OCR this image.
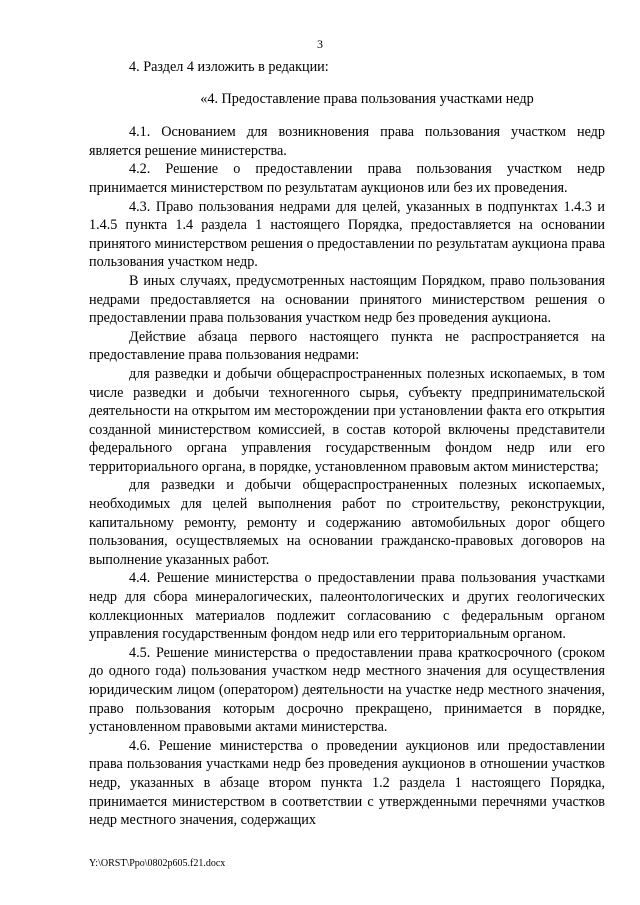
3

4. Раздел 4 изложить в редакции:

«4. Предоставление права пользования участками недр

4.1. Основанием для возникновения права пользования участком недр является решение министерства.

4.2. Решение о предоставлении права пользования участком недр принимается министерством по результатам аукционов или без их проведения.

4.3. Право пользования недрами для целей, указанных в подпунктах 1.4.3 и 1.4.5 пункта 1.4 раздела 1 настоящего Порядка, предоставляется на основании принятого министерством решения о предоставлении по результатам аукциона права пользования участком недр.

В иных случаях, предусмотренных настоящим Порядком, право пользования недрами предоставляется на основании принятого министерством решения о предоставлении права пользования участком недр без проведения аукциона.

Действие абзаца первого настоящего пункта не распространяется на предоставление права пользования недрами:

для разведки и добычи общераспространенных полезных ископаемых, в том числе разведки и добычи техногенного сырья, субъекту предпринимательской деятельности на открытом им месторождении при установлении факта его открытия созданной министерством комиссией, в состав которой включены представители федерального органа управления государственным фондом недр или его территориального органа, в порядке, установленном правовым актом министерства;

для разведки и добычи общераспространенных полезных ископаемых, необходимых для целей выполнения работ по строительству, реконструкции, капитальному ремонту, ремонту и содержанию автомобильных дорог общего пользования, осуществляемых на основании гражданско-правовых договоров на выполнение указанных работ.

4.4. Решение министерства о предоставлении права пользования участками недр для сбора минералогических, палеонтологических и других геологических коллекционных материалов подлежит согласованию с федеральным органом управления государственным фондом недр или его территориальным органом.

4.5. Решение министерства о предоставлении права краткосрочного (сроком до одного года) пользования участком недр местного значения для осуществления юридическим лицом (оператором) деятельности на участке недр местного значения, право пользования которым досрочно прекращено, принимается в порядке, установленном правовыми актами министерства.

4.6. Решение министерства о проведении аукционов или предоставлении права пользования участками недр без проведения аукционов в отношении участков недр, указанных в абзаце втором пункта 1.2 раздела 1 настоящего Порядка, принимается министерством в соответствии с утвержденными перечнями участков недр местного значения, содержащих

Y:\ORST\Ppo\0802p605.f21.docx
